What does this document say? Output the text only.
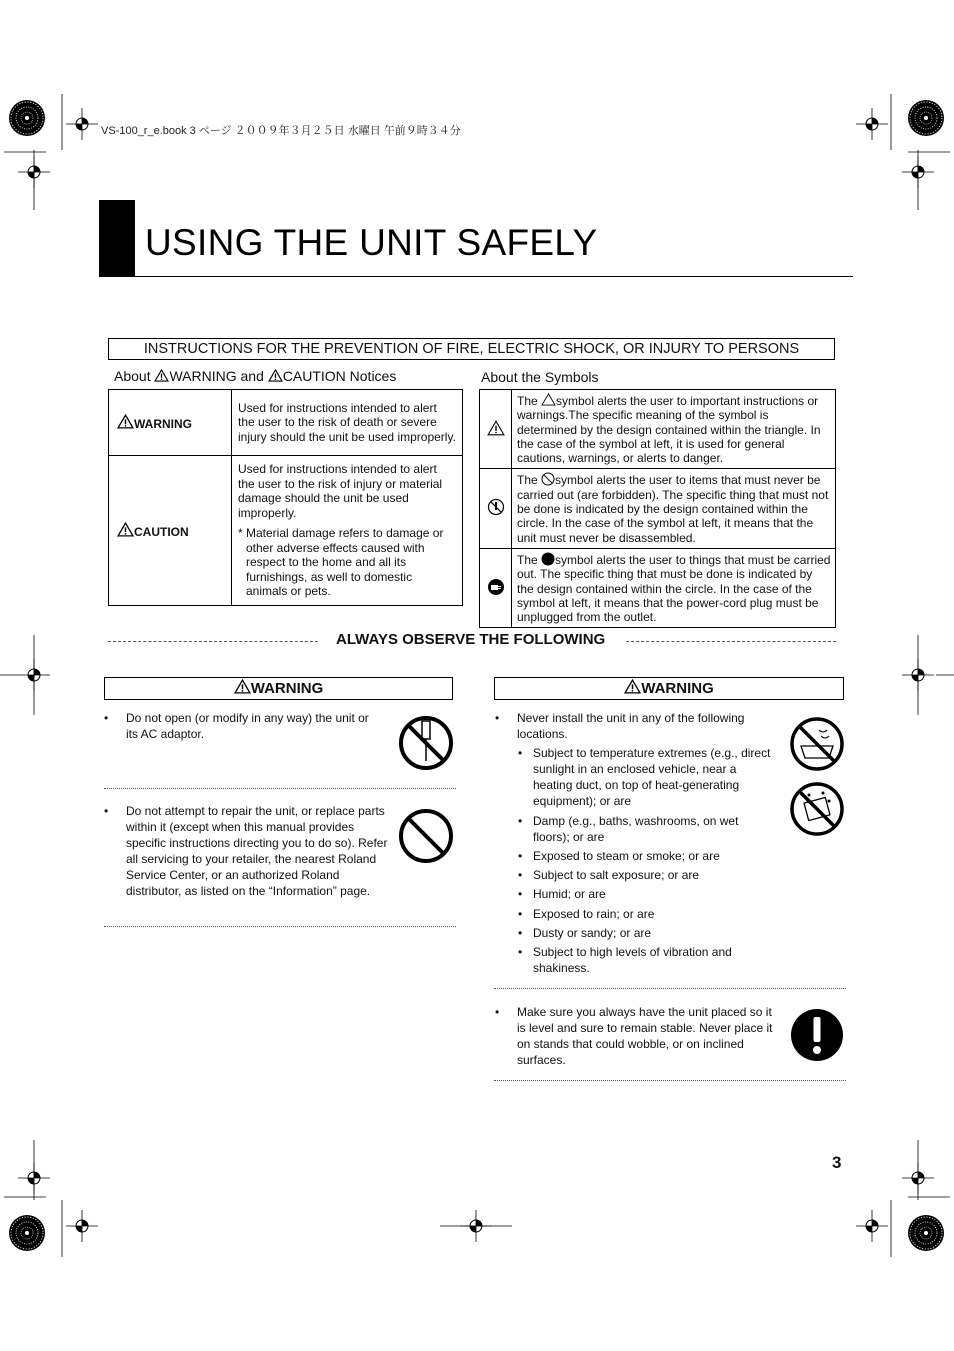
VS-100_r_e.book 3 ページ ２００９年３月２５日 水曜日 午前９時３４分
USING THE UNIT SAFELY
INSTRUCTIONS FOR THE PREVENTION OF FIRE, ELECTRIC SHOCK, OR INJURY TO PERSONS
About WARNING and CAUTION Notices	About the Symbols
WARNING	Used for instructions intended to alert the user to the risk of death or severe injury should the unit be used improperly.
CAUTION	Used for instructions intended to alert the user to the risk of injury or material damage should the unit be used improperly.
* Material damage refers to damage or other adverse effects caused with respect to the home and all its furnishings, as well to domestic animals or pets.
	The symbol alerts the user to important instructions or warnings.The specific meaning of the symbol is determined by the design contained within the triangle. In the case of the symbol at left, it is used for general cautions, warnings, or alerts to danger.
	The symbol alerts the user to items that must never be carried out (are forbidden). The specific thing that must not be done is indicated by the design contained within the circle. In the case of the symbol at left, it means that the unit must never be disassembled.
	The symbol alerts the user to things that must be carried out. The specific thing that must be done is indicated by the design contained within the circle. In the case of the symbol at left, it means that the power-cord plug must be unplugged from the outlet.
ALWAYS OBSERVE THE FOLLOWING
WARNING
• Do not open (or modify in any way) the unit or its AC adaptor.
• Do not attempt to repair the unit, or replace parts within it (except when this manual provides specific instructions directing you to do so). Refer all servicing to your retailer, the nearest Roland Service Center, or an authorized Roland distributor, as listed on the “Information” page.
WARNING
• Never install the unit in any of the following locations.
• Subject to temperature extremes (e.g., direct sunlight in an enclosed vehicle, near a heating duct, on top of heat-generating equipment); or are
• Damp (e.g., baths, washrooms, on wet floors); or are
• Exposed to steam or smoke; or are
• Subject to salt exposure; or are
• Humid; or are
• Exposed to rain; or are
• Dusty or sandy; or are
• Subject to high levels of vibration and shakiness.
• Make sure you always have the unit placed so it is level and sure to remain stable. Never place it on stands that could wobble, or on inclined surfaces.
3
